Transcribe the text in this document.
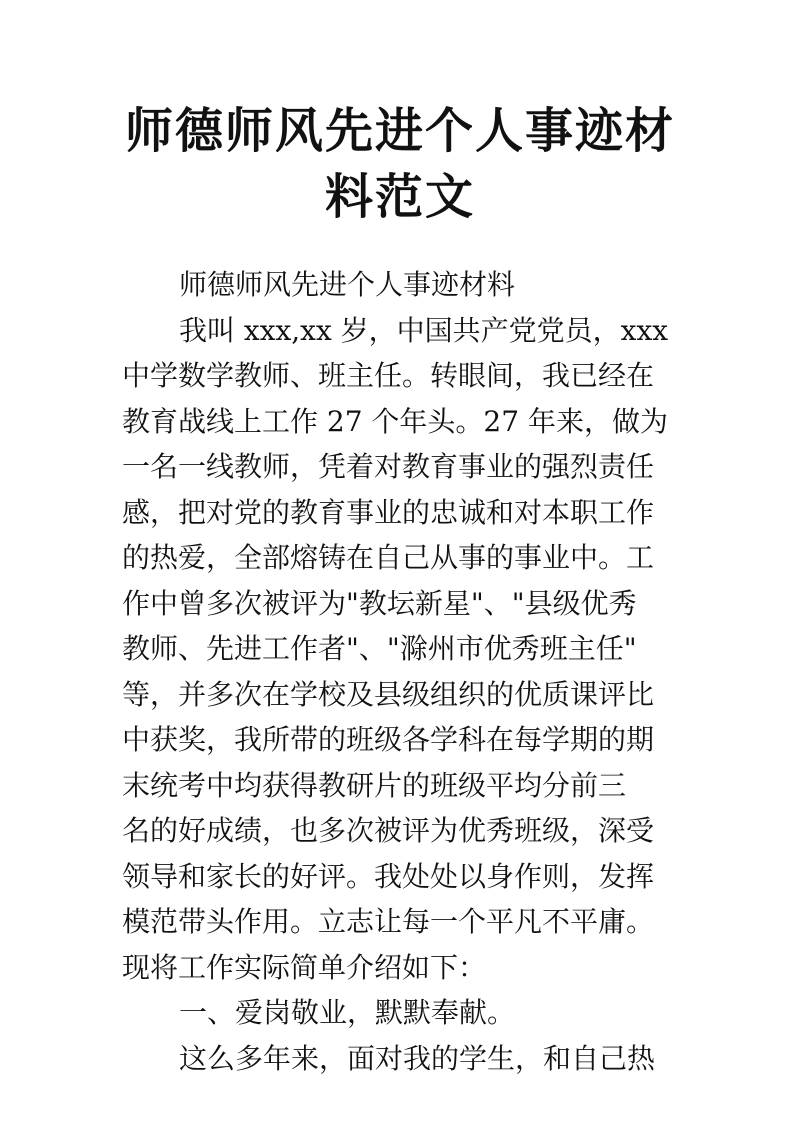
师德师风先进个人事迹材
料范文
师德师风先进个人事迹材料
我叫 xxx,xx 岁，中国共产党党员，xxx
中学数学教师、班主任。转眼间，我已经在
教育战线上工作 27 个年头。27 年来，做为
一名一线教师，凭着对教育事业的强烈责任
感，把对党的教育事业的忠诚和对本职工作
的热爱，全部熔铸在自己从事的事业中。工
作中曾多次被评为"教坛新星"、"县级优秀
教师、先进工作者"、"滁州市优秀班主任"
等，并多次在学校及县级组织的优质课评比
中获奖，我所带的班级各学科在每学期的期
末统考中均获得教研片的班级平均分前三
名的好成绩，也多次被评为优秀班级，深受
领导和家长的好评。我处处以身作则，发挥
模范带头作用。立志让每一个平凡不平庸。
现将工作实际简单介绍如下：
一、爱岗敬业，默默奉献。
这么多年来，面对我的学生，和自己热
